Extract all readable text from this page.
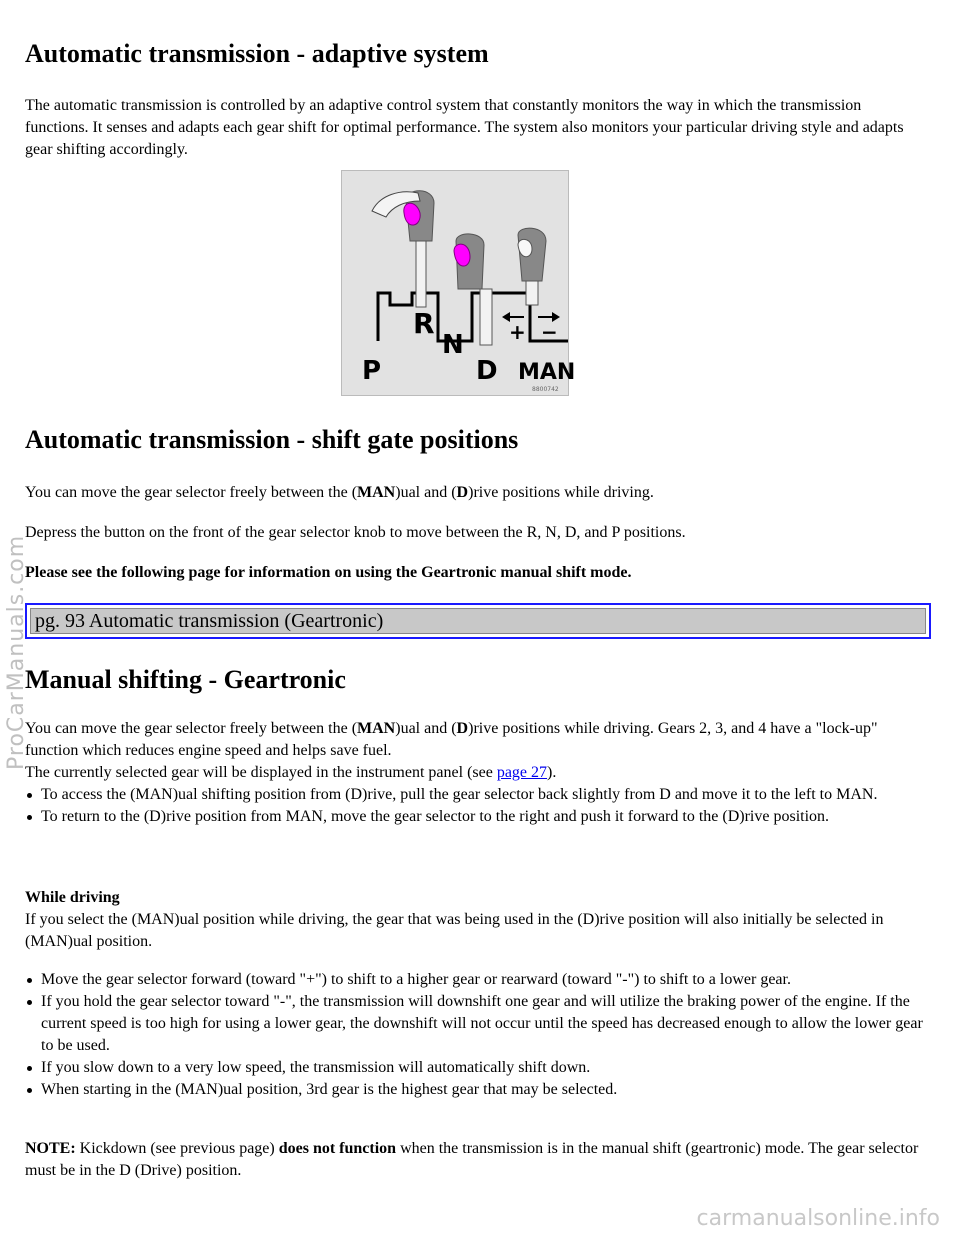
Automatic transmission - adaptive system

The automatic transmission is controlled by an adaptive control system that constantly monitors the way in which the transmission functions. It senses and adapts each gear shift for optimal performance. The system also monitors your particular driving style and adapts gear shifting accordingly.

Automatic transmission - shift gate positions

You can move the gear selector freely between the (MAN)ual and (D)rive positions while driving.

Depress the button on the front of the gear selector knob to move between the R, N, D, and P positions.

Please see the following page for information on using the Geartronic manual shift mode.

pg. 93 Automatic transmission (Geartronic)
Manual shifting - Geartronic

You can move the gear selector freely between the (MAN)ual and (D)rive positions while driving. Gears 2, 3, and 4 have a "lock-up" function which reduces engine speed and helps save fuel.

The currently selected gear will be displayed in the instrument panel (see page 27).

To access the (MAN)ual shifting position from (D)rive, pull the gear selector back slightly from D and move it to the left to MAN.
To return to the (D)rive position from MAN, move the gear selector to the right and push it forward to the (D)rive position.

While driving

If you select the (MAN)ual position while driving, the gear that was being used in the (D)rive position will also initially be selected in (MAN)ual position.

Move the gear selector forward (toward "+") to shift to a higher gear or rearward (toward "-") to shift to a lower gear.
If you hold the gear selector toward "-", the transmission will downshift one gear and will utilize the braking power of the engine. If the current speed is too high for using a lower gear, the downshift will not occur until the speed has decreased enough to allow the lower gear to be used.
If you slow down to a very low speed, the transmission will automatically shift down.
When starting in the (MAN)ual position, 3rd gear is the highest gear that may be selected.

NOTE: Kickdown (see previous page) does not function when the transmission is in the manual shift (geartronic) mode. The gear selector must be in the D (Drive) position.

R
N
P	D MAN
+ −
8800742
ProCarManuals.com
carmanualsonline.info
